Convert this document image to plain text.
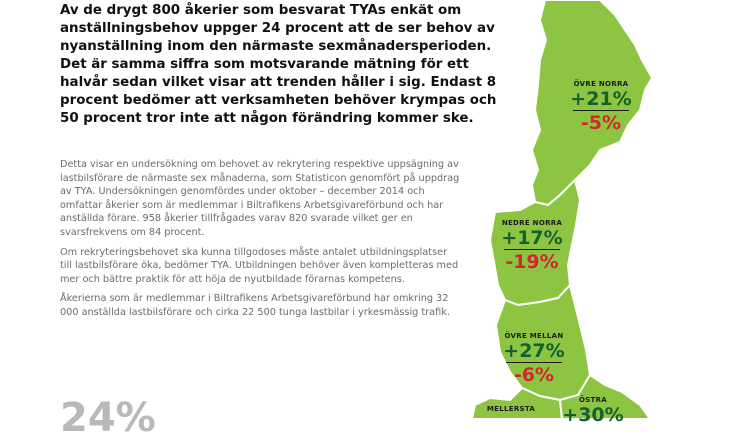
Av de drygt 800 åkerier som besvarat TYAs enkät om anställningsbehov uppger 24 procent att de ser behov av nyanställning inom den närmaste sexmånadersperioden. Det är samma siffra som motsvarande mätning för ett halvår sedan vilket visar att trenden håller i sig. Endast 8 procent bedömer att verksamheten behöver krympas och 50 procent tror inte att någon förändring kommer ske.

Detta visar en undersökning om behovet av rekrytering respektive uppsägning av lastbilsförare de närmaste sex månaderna, som Statisticon genomfört på uppdrag av TYA. Undersökningen genomfördes under oktober – december 2014 och omfattar åkerier som är medlemmar i Biltrafikens Arbetsgivareförbund och har anställda förare. 958 åkerier tillfrågades varav 820 svarade vilket ger en svarsfrekvens om 84 procent.

Om rekryteringsbehovet ska kunna tillgodoses måste antalet utbildningsplatser till lastbilsförare öka, bedömer TYA. Utbildningen behöver även kompletteras med mer och bättre praktik för att höja de nyutbildade förarnas kompetens.

Åkerierna som är medlemmar i Biltrafikens Arbetsgivareförbund har omkring 32 000 anställda lastbilsförare och cirka 22 500 tunga lastbilar i yrkesmässig trafik.

24%
ÖVRE NORRA
+21%
-5%
NEDRE NORRA
+17%
-19%
ÖVRE MELLAN
+27%
-6%
ÖSTRA
+30%
MELLERSTA
